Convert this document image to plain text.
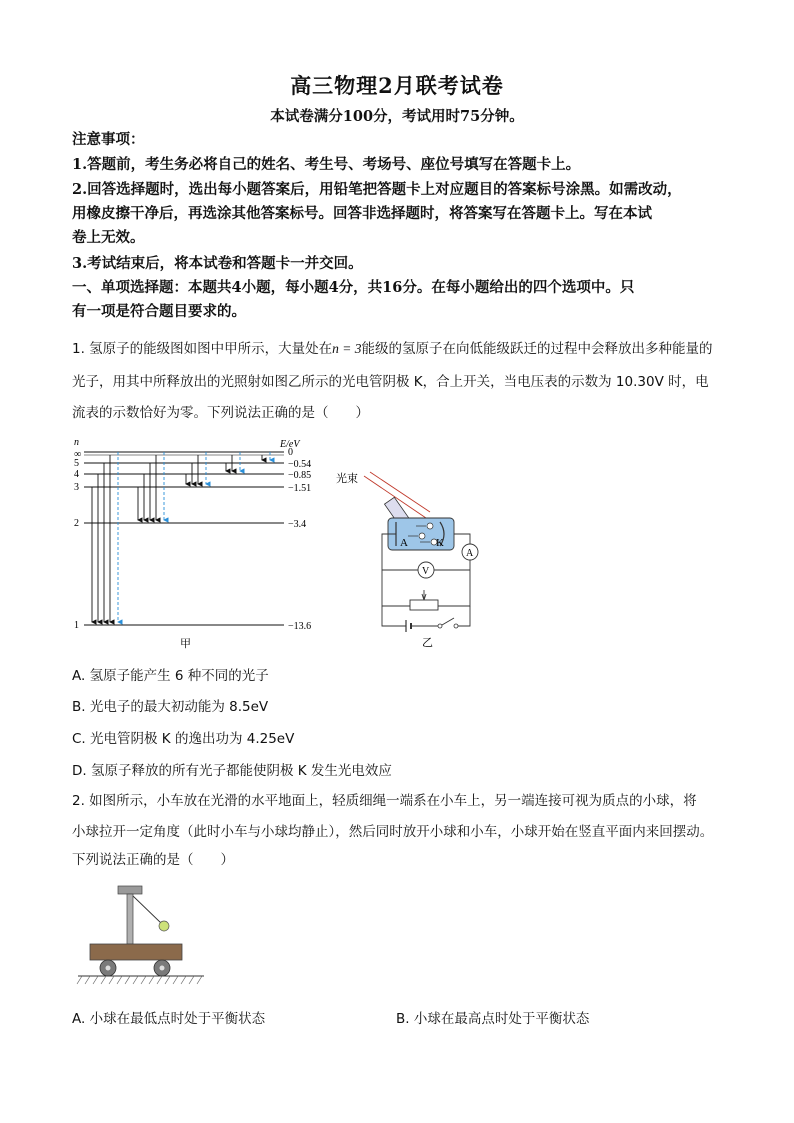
高三物理2月联考试卷
本试卷满分100分，考试用时75分钟。
注意事项：
1.答题前，考生务必将自己的姓名、考生号、考场号、座位号填写在答题卡上。
2.回答选择题时，选出每小题答案后，用铅笔把答题卡上对应题目的答案标号涂黑。如需改动，
用橡皮擦干净后，再选涂其他答案标号。回答非选择题时，将答案写在答题卡上。写在本试
卷上无效。
3.考试结束后，将本试卷和答题卡一并交回。
一、单项选择题：本题共4小题，每小题4分，共16分。在每小题给出的四个选项中。只
有一项是符合题目要求的。
1. 氢原子的能级图如图中甲所示，大量处在n = 3能级的氢原子在向低能级跃迁的过程中会释放出多种能量的
光子，用其中所释放出的光照射如图乙所示的光电管阴极 K，合上开关，当电压表的示数为 10.30V 时，电
流表的示数恰好为零。下列说法正确的是（　　）
n	E/eV
∞
5
4
3
2
1
0
−0.54
−0.85
−1.51
−3.4
−13.6
甲
光束
A	K
A
V
乙
A. 氢原子能产生 6 种不同的光子
B. 光电子的最大初动能为 8.5eV
C. 光电管阴极 K 的逸出功为 4.25eV
D. 氢原子释放的所有光子都能使阴极 K 发生光电效应
2. 如图所示，小车放在光滑的水平地面上，轻质细绳一端系在小车上，另一端连接可视为质点的小球，将
小球拉开一定角度（此时小车与小球均静止），然后同时放开小球和小车，小球开始在竖直平面内来回摆动。
下列说法正确的是（　　）
A. 小球在最低点时处于平衡状态	B. 小球在最高点时处于平衡状态
